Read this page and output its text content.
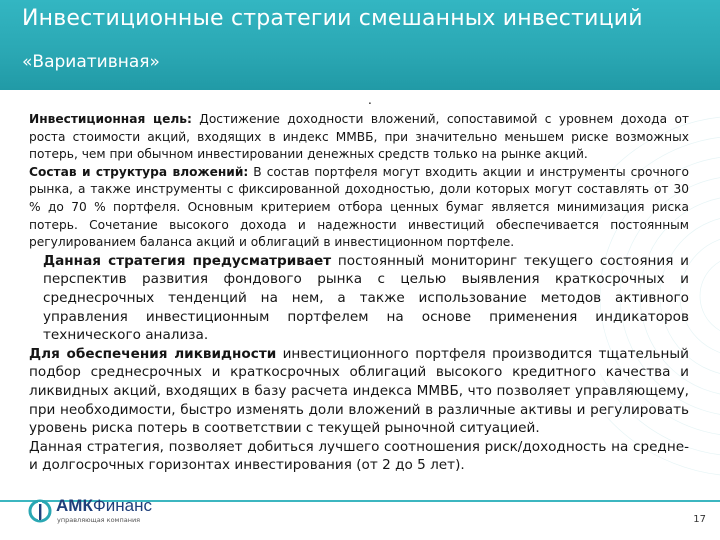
Инвестиционные стратегии смешанных инвестиций
«Вариативная»
.

Инвестиционная цель: Достижение доходности вложений, сопоставимой с уровнем дохода от роста стоимости акций, входящих в индекс ММВБ, при значительно меньшем риске возможных потерь, чем при обычном инвестировании денежных средств только на рынке акций.

Состав и структура вложений: В состав портфеля могут входить акции и инструменты срочного рынка, а также инструменты с фиксированной доходностью, доли которых могут составлять от 30 % до 70 % портфеля. Основным критерием отбора ценных бумаг является минимизация риска потерь. Сочетание высокого дохода и надежности инвестиций обеспечивается постоянным регулированием баланса акций и облигаций в инвестиционном портфеле.

Данная стратегия предусматривает постоянный мониторинг текущего состояния и перспектив развития фондового рынка с целью выявления краткосрочных и среднесрочных тенденций на нем, а также использование методов активного управления инвестиционным портфелем на основе применения индикаторов технического анализа.

Для обеспечения ликвидности инвестиционного портфеля производится тщательный подбор среднесрочных и краткосрочных облигаций высокого кредитного качества и ликвидных акций, входящих в базу расчета индекса ММВБ, что позволяет управляющему, при необходимости, быстро изменять доли вложений в различные активы и регулировать уровень риска потерь в соответствии с текущей рыночной ситуацией.

Данная стратегия, позволяет добиться лучшего соотношения риск/доходность на средне- и долгосрочных горизонтах инвестирования (от 2 до 5 лет).

АМКФинанс
управляющая компания	17
